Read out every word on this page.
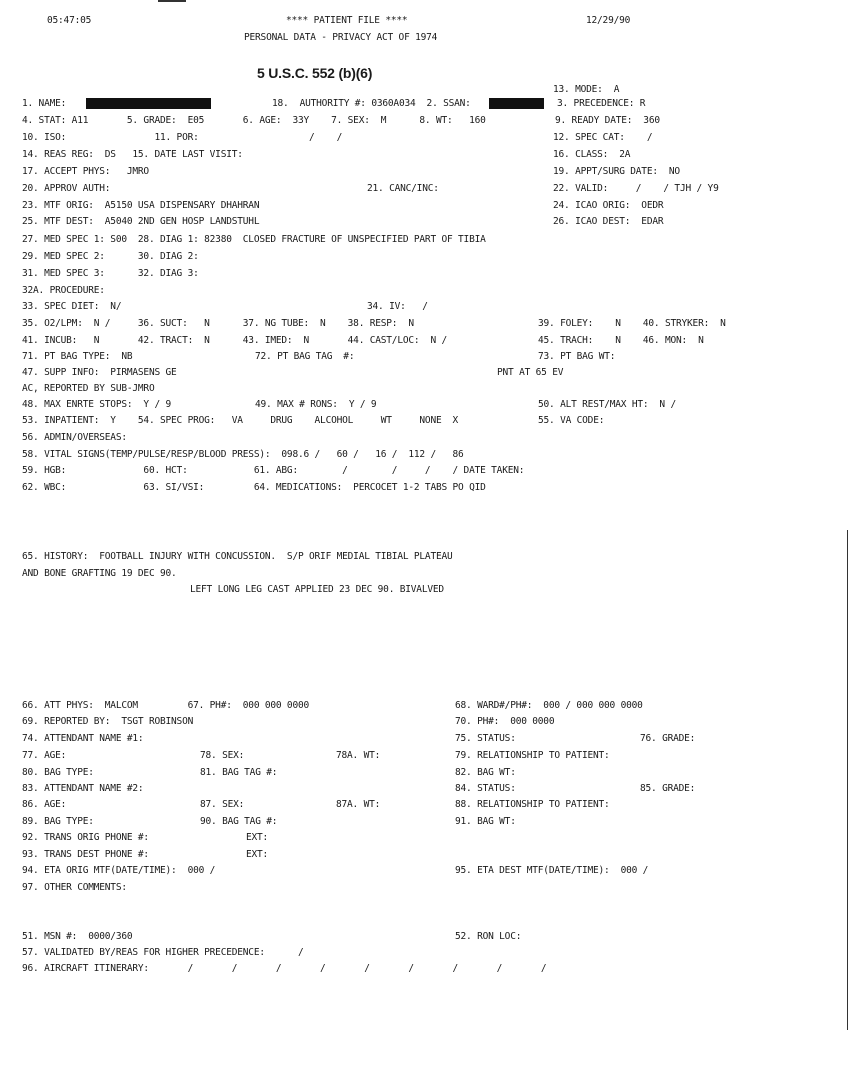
05:47:05	**** PATIENT FILE ****	12/29/90
PERSONAL DATA - PRIVACY ACT OF 1974
5 U.S.C. 552 (b)(6)
13. MODE:  A
1. NAME:	18.  AUTHORITY #: 0360A034  2. SSAN:	3. PRECEDENCE: R
4. STAT: A11       5. GRADE:  E05       6. AGE:  33Y    7. SEX:  M      8. WT:   160	9. READY DATE:  360
10. ISO:                11. POR:                    /    /	12. SPEC CAT:    /
14. REAS REG:  DS   15. DATE LAST VISIT:	16. CLASS:  2A
17. ACCEPT PHYS:   JMRO	19. APPT/SURG DATE:  NO
20. APPROV AUTH:	21. CANC/INC:	22. VALID:     /    / TJH / Y9
23. MTF ORIG:  A5150 USA DISPENSARY DHAHRAN	24. ICAO ORIG:  OEDR
25. MTF DEST:  A5040 2ND GEN HOSP LANDSTUHL	26. ICAO DEST:  EDAR
27. MED SPEC 1: S00  28. DIAG 1: 82380  CLOSED FRACTURE OF UNSPECIFIED PART OF TIBIA
29. MED SPEC 2:      30. DIAG 2:
31. MED SPEC 3:      32. DIAG 3:
32A. PROCEDURE:
33. SPEC DIET:  N/	34. IV:   /
35. O2/LPM:  N /     36. SUCT:   N      37. NG TUBE:  N    38. RESP:  N	39. FOLEY:    N    40. STRYKER:  N
41. INCUB:   N       42. TRACT:  N      43. IMED:  N       44. CAST/LOC:  N /	45. TRACH:    N    46. MON:  N
71. PT BAG TYPE:  NB	72. PT BAG TAG  #:	73. PT BAG WT:
47. SUPP INFO:  PIRMASENS GE	PNT AT 65 EV
AC, REPORTED BY SUB-JMRO
48. MAX ENRTE STOPS:  Y / 9	49. MAX # RONS:  Y / 9	50. ALT REST/MAX HT:  N /
53. INPATIENT:  Y    54. SPEC PROG:   VA     DRUG    ALCOHOL     WT     NONE  X	55. VA CODE:
56. ADMIN/OVERSEAS:
58. VITAL SIGNS(TEMP/PULSE/RESP/BLOOD PRESS):  098.6 /   60 /   16 /  112 /   86
59. HGB:              60. HCT:            61. ABG:        /        /     /    / DATE TAKEN:
62. WBC:              63. SI/VSI:         64. MEDICATIONS:  PERCOCET 1-2 TABS PO QID
65. HISTORY:  FOOTBALL INJURY WITH CONCUSSION.  S/P ORIF MEDIAL TIBIAL PLATEAU
AND BONE GRAFTING 19 DEC 90.
LEFT LONG LEG CAST APPLIED 23 DEC 90. BIVALVED
66. ATT PHYS:  MALCOM         67. PH#:  000 000 0000	68. WARD#/PH#:  000 / 000 000 0000
69. REPORTED BY:  TSGT ROBINSON	70. PH#:  000 0000
74. ATTENDANT NAME #1:	75. STATUS:	76. GRADE:
77. AGE:	78. SEX:	78A. WT:	79. RELATIONSHIP TO PATIENT:
80. BAG TYPE:	81. BAG TAG #:	82. BAG WT:
83. ATTENDANT NAME #2:	84. STATUS:	85. GRADE:
86. AGE:	87. SEX:	87A. WT:	88. RELATIONSHIP TO PATIENT:
89. BAG TYPE:	90. BAG TAG #:	91. BAG WT:
92. TRANS ORIG PHONE #:	EXT:
93. TRANS DEST PHONE #:	EXT:
94. ETA ORIG MTF(DATE/TIME):  000 /	95. ETA DEST MTF(DATE/TIME):  000 /
97. OTHER COMMENTS:
51. MSN #:  0000/360	52. RON LOC:
57. VALIDATED BY/REAS FOR HIGHER PRECEDENCE:      /
96. AIRCRAFT ITINERARY:       /       /       /       /       /       /       /       /       /
